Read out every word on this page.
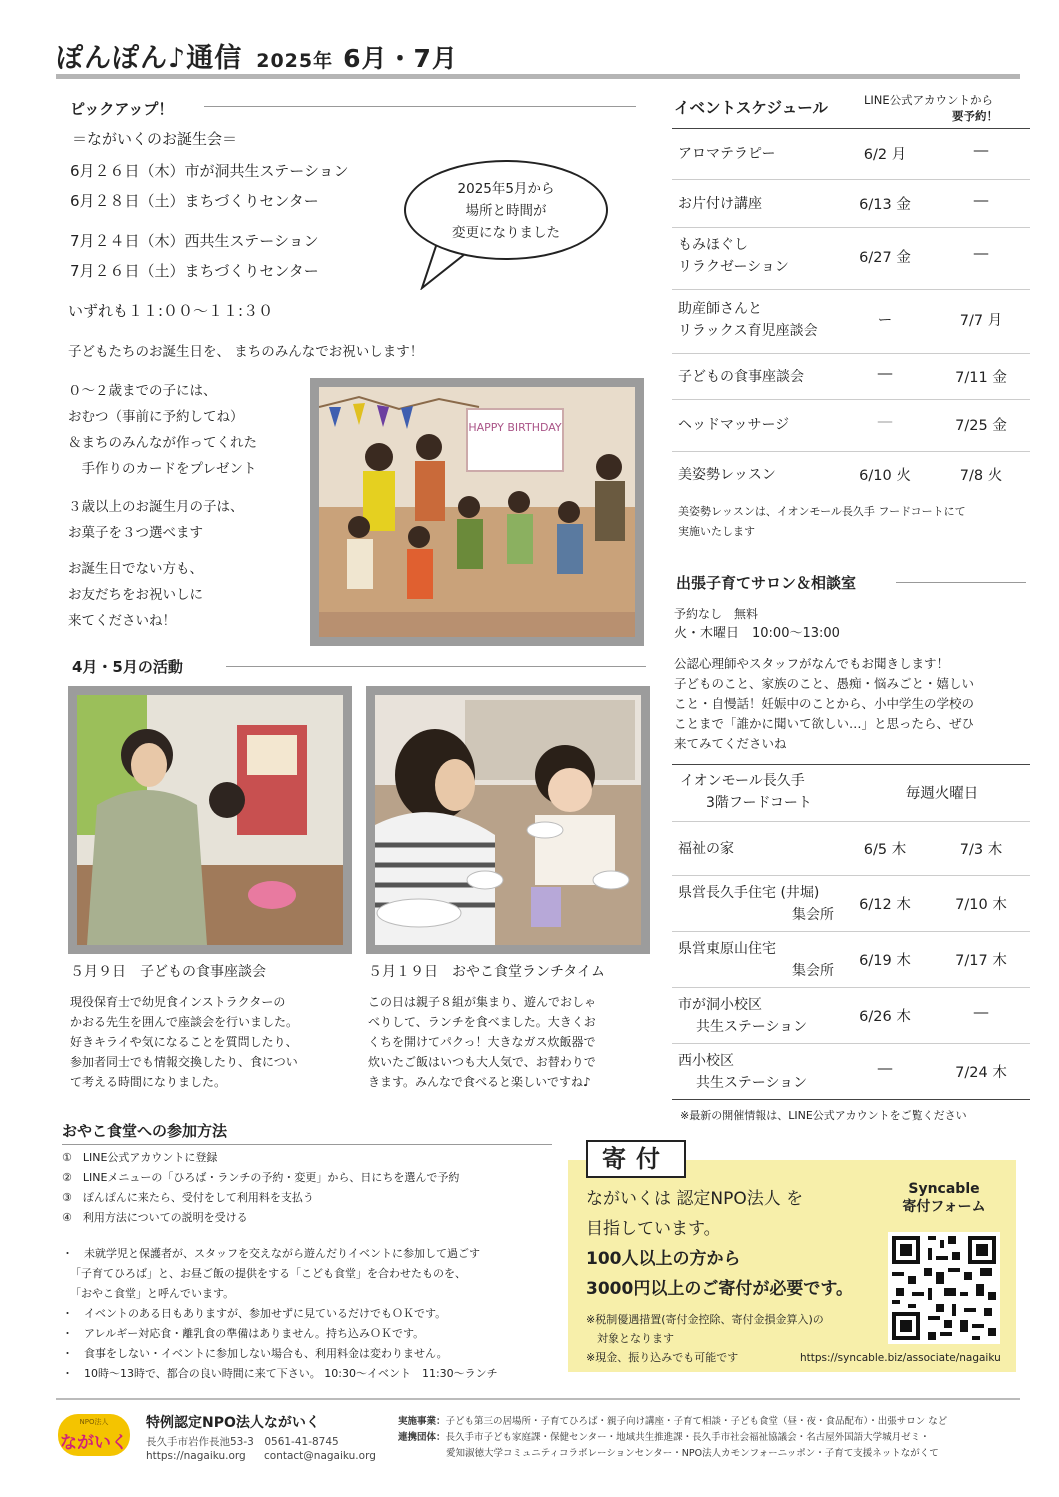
ぽんぽん♪通信 2025年 6月・7月
ピックアップ！
＝ながいくのお誕生会＝
6月２６日（木）市が洞共生ステーション
6月２８日（土）まちづくりセンター
7月２４日（木）西共生ステーション
7月２６日（土）まちづくりセンター
2025年5月から
場所と時間が
変更になりました
いずれも１１:００～１１:３０
子どもたちのお誕生日を、 まちのみんなでお祝いします！
０～２歳までの子には、
おむつ（事前に予約してね）
＆まちのみんなが作ってくれた
　手作りのカードをプレゼント
３歳以上のお誕生月の子は、
お菓子を３つ選べます
お誕生日でない方も、
お友だちをお祝いしに
来てくださいね！
HAPPY BIRTHDAY
4月・5月の活動
５月９日　子どもの食事座談会
現役保育士で幼児食インストラクターの
かおる先生を囲んで座談会を行いました。
好きキライや気になることを質問したり、
参加者同士でも情報交換したり、食につい
て考える時間になりました。
５月１９日　おやこ食堂ランチタイム
この日は親子８組が集まり、遊んでおしゃ
べりして、ランチを食べました。大きくお
くちを開けてパクっ！大きなガス炊飯器で
炊いたご飯はいつも大人気で、お替わりで
きます。みんなで食べると楽しいですね♪
イベントスケジュール	LINE公式アカウントから
要予約！
アロマテラピー	6/2 月	―
お片付け講座	6/13 金	―
もみほぐし
リラクゼーション
6/27 金	―
助産師さんと
リラックス育児座談会
ー	7/7 月
子どもの食事座談会	―	7/11 金
ヘッドマッサージ	―	7/25 金
美姿勢レッスン	6/10 火	7/8 火
美姿勢レッスンは、イオンモール長久手 フードコートにて
実施いたします
出張子育てサロン＆相談室
予約なし　無料
火・木曜日　10:00～13:00
公認心理師やスタッフがなんでもお聞きします！
子どものこと、家族のこと、愚痴・悩みごと・嬉しい
こと・自慢話！妊娠中のことから、小中学生の学校の
ことまで「誰かに聞いて欲しい…」と思ったら、ぜひ
来てみてくださいね
イオンモール長久手
3階フードコート
毎週火曜日
福祉の家	6/5 木	7/3 木
県営長久手住宅 (井堀)
集会所
6/12 木	7/10 木
県営東原山住宅
集会所
6/19 木	7/17 木
市が洞小校区
共生ステーション
6/26 木	―
西小校区
共生ステーション
―	7/24 木
※最新の開催情報は、LINE公式アカウントをご覧ください
おやこ食堂への参加方法
①　 LINE公式アカウントに登録
②　 LINEメニューの「ひろば・ランチの予約・変更」から、日にちを選んで予約
③　 ぽんぽんに来たら、受付をして利用料を支払う
④　 利用方法についての説明を受ける
・　未就学児と保護者が、スタッフを交えながら遊んだりイベントに参加して過ごす
「子育てひろば」と、お昼ご飯の提供をする「こども食堂」を合わせたものを、
「おやこ食堂」と呼んでいます。
・　イベントのある日もありますが、参加せずに見ているだけでもＯＫです。
・　アレルギー対応食・離乳食の準備はありません。持ち込みＯＫです。
・　食事をしない・イベントに参加しない場合も、利用料金は変わりません。
・　10時～13時で、都合の良い時間に来て下さい。 10:30～イベント　11:30～ランチ
寄付
ながいくは 認定NPO法人 を
目指しています。
100人以上の方から
3000円以上のご寄付が必要です。
※税制優遇措置(寄付金控除、寄付金損金算入)の
　対象となります
※現金、振り込みでも可能です
Syncable
寄付フォーム
https://syncable.biz/associate/nagaiku
NPO法人
ながいく
特例認定NPO法人ながいく
長久手市岩作長池53-3　0561-41-8745
https://nagaiku.org contact@nagaiku.org
実施事業：子ども第三の居場所・子育てひろば・親子向け講座・子育て相談・子ども食堂（昼・夜・食品配布）・出張サロン など
連携団体：長久手市子ども家庭課・保健センター・地域共生推進課・長久手市社会福祉協議会・名古屋外国語大学城月ゼミ・
愛知淑徳大学コミュニティコラボレーションセンター・NPO法人カモンフォーニッポン・子育て支援ネットながくて
